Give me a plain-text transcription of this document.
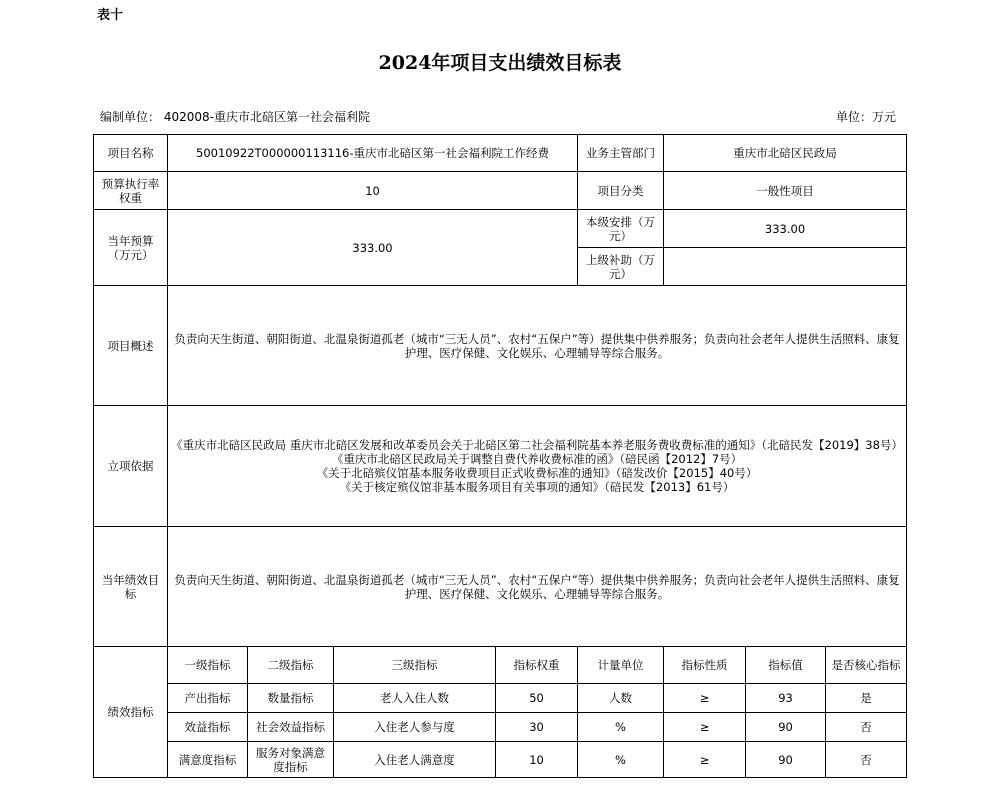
表十
2024年项目支出绩效目标表
编制单位： 402008-重庆市北碚区第一社会福利院	单位：万元
项目名称	50010922T000000113116-重庆市北碚区第一社会福利院工作经费				业务主管部门	重庆市北碚区民政局		
预算执行率权重	10				项目分类	一般性项目		
当年预算（万元）	333.00				本级安排（万元）	333.00		
					上级补助（万元）			
项目概述	负责向天生街道、朝阳街道、北温泉街道孤老（城市“三无人员”、农村“五保户”等）提供集中供养服务；负责向社会老年人提供生活照料、康复护理、医疗保健、文化娱乐、心理辅导等综合服务。							
立项依据	《重庆市北碚区民政局 重庆市北碚区发展和改革委员会关于北碚区第二社会福利院基本养老服务费收费标准的通知》（北碚民发【2019】38号）
《重庆市北碚区民政局关于调整自费代养收费标准的函》（碚民函【2012】7号）
《关于北碚殡仪馆基本服务收费项目正式收费标准的通知》（碚发改价【2015】40号）
《关于核定殡仪馆非基本服务项目有关事项的通知》（碚民发【2013】61号）							

当年绩效目标	负责向天生街道、朝阳街道、北温泉街道孤老（城市“三无人员”、农村“五保户”等）提供集中供养服务；负责向社会老年人提供生活照料、康复护理、医疗保健、文化娱乐、心理辅导等综合服务。							
绩效指标	一级指标	二级指标	三级指标	指标权重	计量单位	指标性质	指标值	是否核心指标
	产出指标	数量指标	老人入住人数	50	人数	≥	93	是
	效益指标	社会效益指标	入住老人参与度	30	%	≥	90	否
	满意度指标	服务对象满意度指标	入住老人满意度	10	%	≥	90	否
